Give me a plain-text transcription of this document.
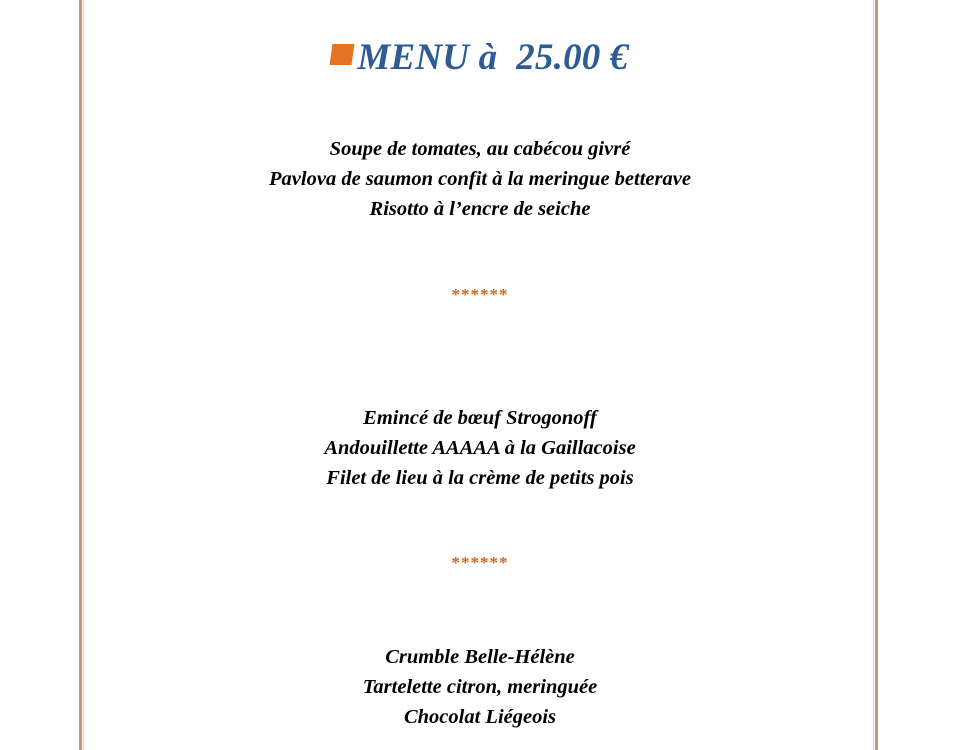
MENU à  25.00 €
Soupe de tomates, au cabécou givré
Pavlova de saumon confit à la meringue betterave
Risotto à l’encre de seiche
******
Emincé de bœuf Strogonoff
Andouillette AAAAA à la Gaillacoise
Filet de lieu à la crème de petits pois
******
Crumble Belle-Hélène
Tartelette citron, meringuée
Chocolat Liégeois
